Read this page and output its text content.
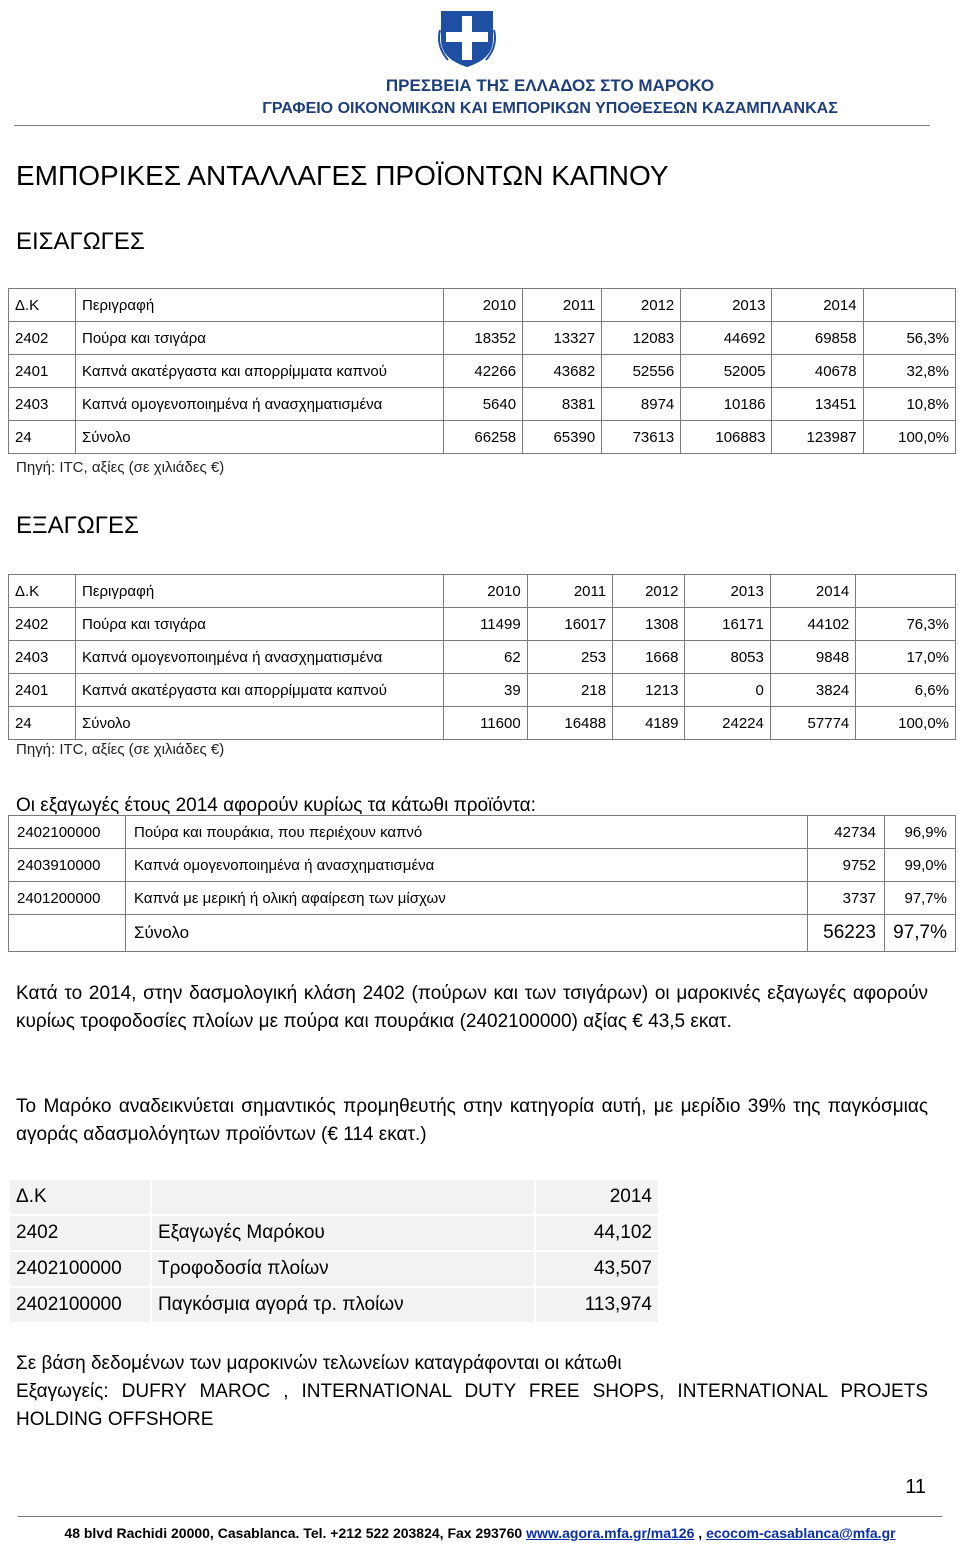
ΠΡΕΣΒΕΙΑ ΤΗΣ ΕΛΛΑΔΟΣ ΣΤΟ ΜΑΡΟΚΟ
ΓΡΑΦΕΙΟ ΟΙΚΟΝΟΜΙΚΩΝ ΚΑΙ ΕΜΠΟΡΙΚΩΝ ΥΠΟΘΕΣΕΩΝ ΚΑΖΑΜΠΛΑΝΚΑΣ
ΕΜΠΟΡΙΚΕΣ ΑΝΤΑΛΛΑΓΕΣ ΠΡΟΪΟΝΤΩΝ ΚΑΠΝΟΥ
ΕΙΣΑΓΩΓΕΣ
Δ.Κ	Περιγραφή	2010	2011	2012	2013	2014	
2402	Πούρα και τσιγάρα	18352	13327	12083	44692	69858	56,3%
2401	Καπνά ακατέργαστα και απορρίμματα καπνού	42266	43682	52556	52005	40678	32,8%
2403	Καπνά ομογενοποιημένα ή ανασχηματισμένα	5640	8381	8974	10186	13451	10,8%
24	Σύνολο	66258	65390	73613	106883	123987	100,0%
Πηγή: ITC, αξίες (σε χιλιάδες €)
ΕΞΑΓΩΓΕΣ
Δ.Κ	Περιγραφή	2010	2011	2012	2013	2014	
2402	Πούρα και τσιγάρα	11499	16017	1308	16171	44102	76,3%
2403	Καπνά ομογενοποιημένα ή ανασχηματισμένα	62	253	1668	8053	9848	17,0%
2401	Καπνά ακατέργαστα και απορρίμματα καπνού	39	218	1213	0	3824	6,6%
24	Σύνολο	11600	16488	4189	24224	57774	100,0%
Πηγή: ITC, αξίες (σε χιλιάδες €)
Οι εξαγωγές έτους 2014 αφορούν κυρίως τα κάτωθι προϊόντα:
2402100000	Πούρα και πουράκια, που περιέχουν καπνό	42734	96,9%
2403910000	Καπνά ομογενοποιημένα ή ανασχηματισμένα	9752	99,0%
2401200000	Καπνά με μερική ή ολική αφαίρεση των μίσχων	3737	97,7%
	Σύνολο	56223	97,7%
Κατά το 2014, στην δασμολογική κλάση 2402 (πούρων και των τσιγάρων) οι μαροκινές εξαγωγές αφορούν κυρίως τροφοδοσίες πλοίων με πούρα και πουράκια (2402100000) αξίας € 43,5 εκατ.
Το Μαρόκο αναδεικνύεται σημαντικός προμηθευτής στην κατηγορία αυτή, με μερίδιο 39% της παγκόσμιας αγοράς αδασμολόγητων προϊόντων (€ 114 εκατ.)
Δ.Κ		2014
2402	Εξαγωγές Μαρόκου	44,102
2402100000	Τροφοδοσία πλοίων	43,507
2402100000	Παγκόσμια αγορά τρ. πλοίων	113,974
Σε βάση δεδομένων των μαροκινών τελωνείων καταγράφονται οι κάτωθι
Εξαγωγείς: DUFRY MAROC , INTERNATIONAL DUTY FREE SHOPS, INTERNATIONAL PROJETS HOLDING OFFSHORE
11
48 blvd Rachidi 20000, Casablanca. Tel. +212 522 203824, Fax 293760 www.agora.mfa.gr/ma126 , ecocom-casablanca@mfa.gr
